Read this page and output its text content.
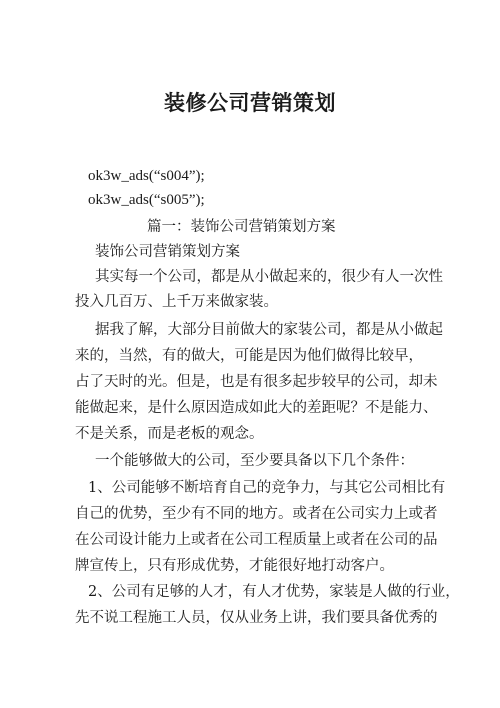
装修公司营销策划
ok3w_ads(“s004”);
ok3w_ads(“s005”);
篇一：装饰公司营销策划方案
装饰公司营销策划方案
其实每一个公司，都是从小做起来的，很少有人一次性
投入几百万、上千万来做家装。
据我了解，大部分目前做大的家装公司，都是从小做起
来的，当然，有的做大，可能是因为他们做得比较早，
占了天时的光。但是，也是有很多起步较早的公司，却未
能做起来，是什么原因造成如此大的差距呢？不是能力、
不是关系，而是老板的观念。
一个能够做大的公司，至少要具备以下几个条件：
1、公司能够不断培育自己的竞争力，与其它公司相比有
自己的优势，至少有不同的地方。或者在公司实力上或者
在公司设计能力上或者在公司工程质量上或者在公司的品
牌宣传上，只有形成优势，才能很好地打动客户。
2、公司有足够的人才，有人才优势，家装是人做的行业，
先不说工程施工人员，仅从业务上讲，我们要具备优秀的
